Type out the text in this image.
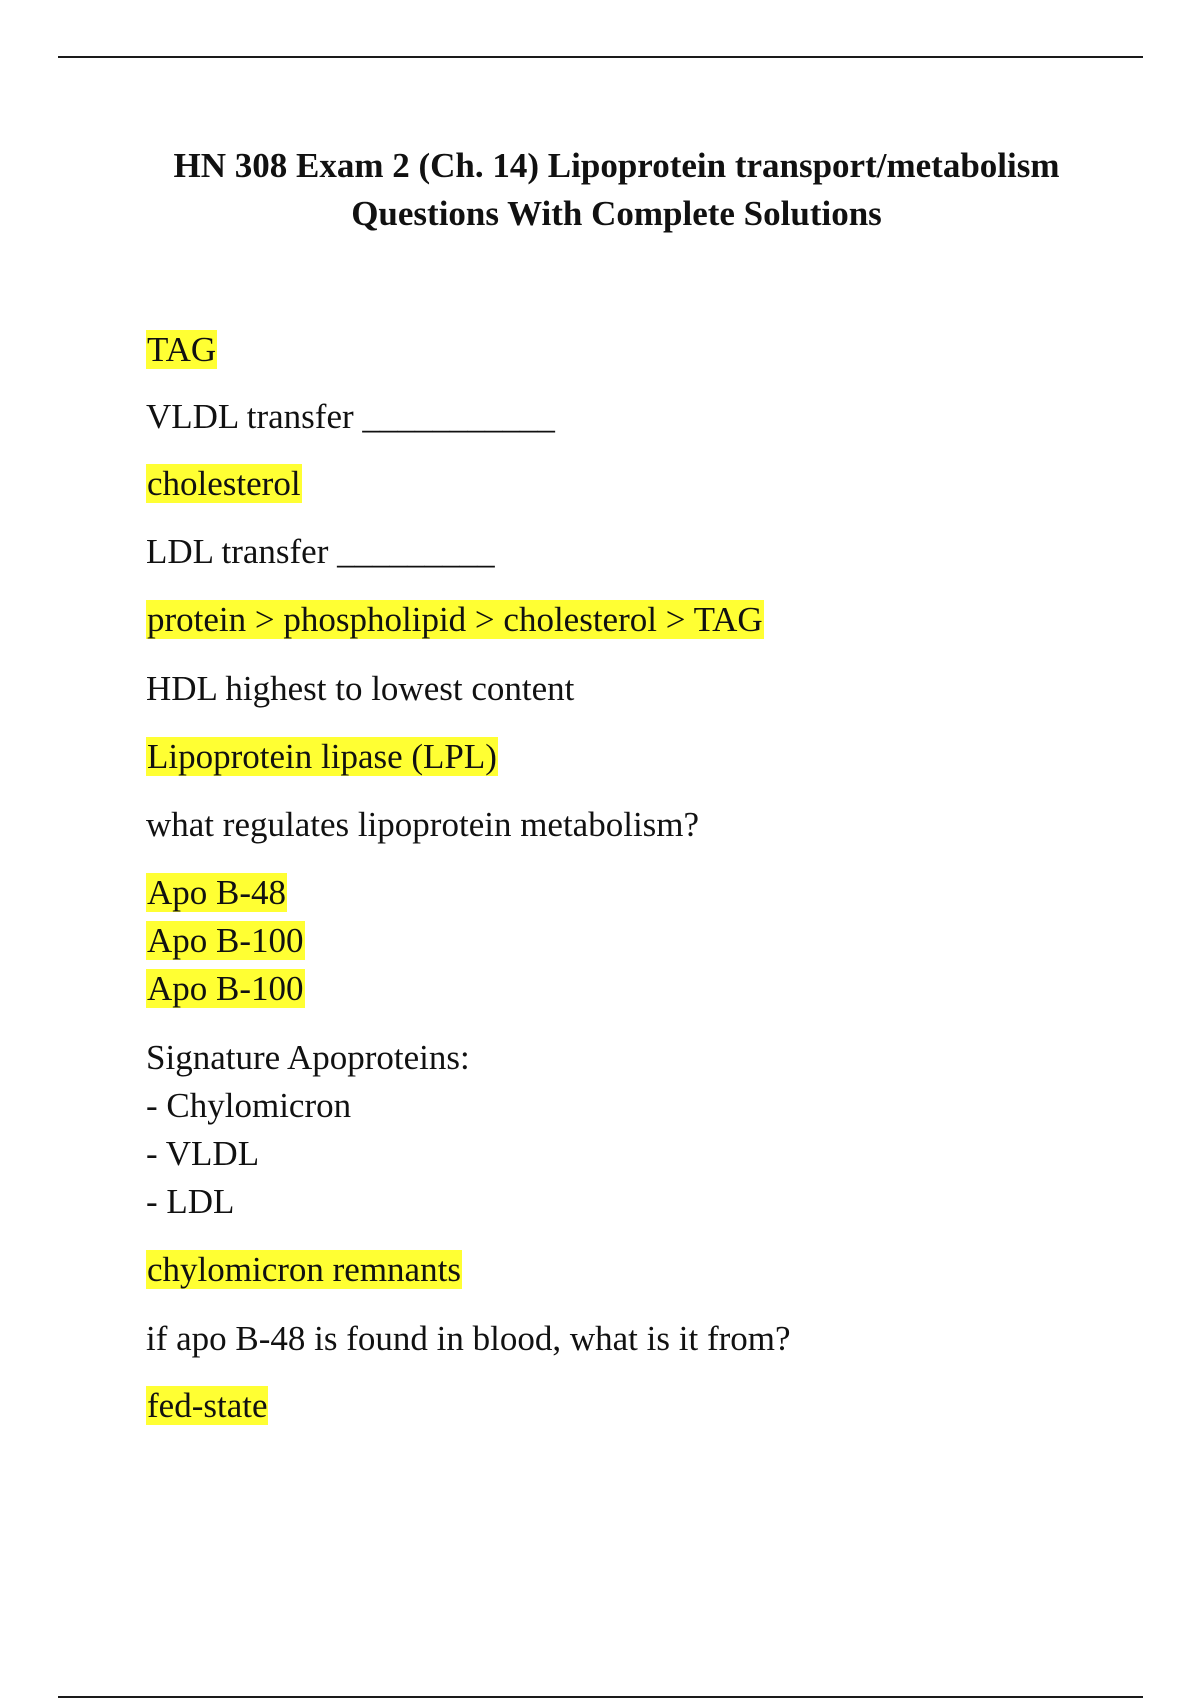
HN 308 Exam 2 (Ch. 14) Lipoprotein transport/metabolism
Questions With Complete Solutions
TAG
VLDL transfer ___________
cholesterol
LDL transfer _________
protein > phospholipid > cholesterol > TAG
HDL highest to lowest content
Lipoprotein lipase (LPL)
what regulates lipoprotein metabolism?
Apo B-48
Apo B-100
Apo B-100
Signature Apoproteins:
- Chylomicron
- VLDL
- LDL
chylomicron remnants
if apo B-48 is found in blood, what is it from?
fed-state
